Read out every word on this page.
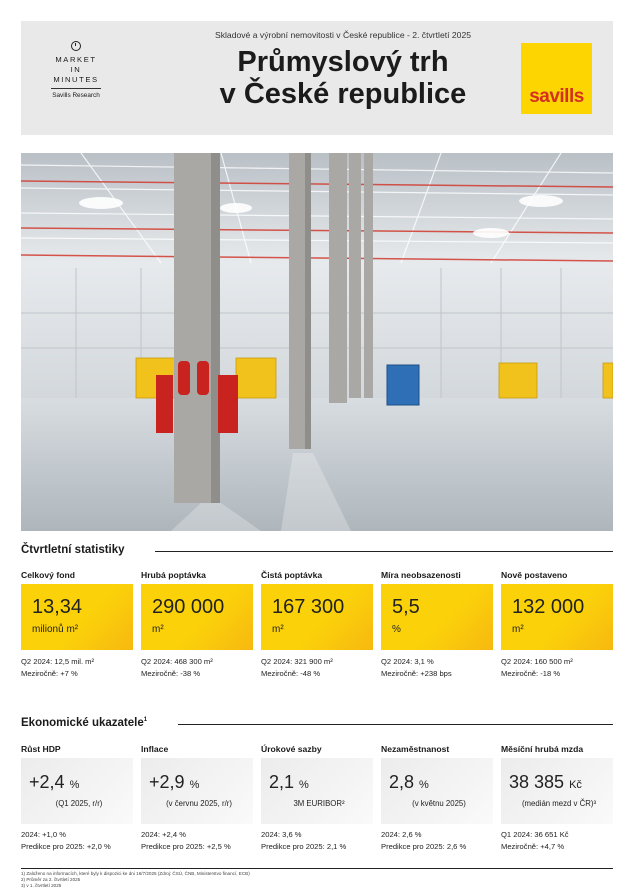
MARKET
IN
MINUTES
Savills Research
Skladové a výrobní nemovitosti v České republice - 2. čtvrtletí 2025
Průmyslový trh
v České republice	savills
Čtvrtletní statistiky
Celkový fond
13,34
milionů m²
Q2 2024: 12,5 mil. m²
Meziročně: +7 %
Hrubá poptávka
290 000
m²
Q2 2024: 468 300 m²
Meziročně: -38 %
Čistá poptávka
167 300
m²
Q2 2024: 321 900 m²
Meziročně: -48 %
Míra neobsazenosti
5,5
%
Q2 2024: 3,1 %
Meziročně: +238 bps
Nově postaveno
132 000
m²
Q2 2024: 160 500 m²
Meziročně: -18 %
Ekonomické ukazatele$^1$
Růst HDP
+2,4 %
(Q1 2025, r/r)
2024: +1,0 %
Predikce pro 2025: +2,0 %
Inflace
+2,9 %
(v červnu 2025, r/r)
2024: +2,4 %
Predikce pro 2025: +2,5 %
Úrokové sazby
2,1 %
3M EURIBOR²
2024: 3,6 %
Predikce pro 2025: 2,1 %
Nezaměstnanost
2,8 %
(v květnu 2025)
2024: 2,6 %
Predikce pro 2025: 2,6 %
Měsíční hrubá mzda
38 385 Kč
(medián mezd v ČR)³
Q1 2024: 36 651 Kč
Meziročně: +4,7 %
1) Založeno na informacích, které byly k dispozici ke dni 16/7/2025 (Zdroj: ČSÚ, ČNB, Ministerstvo financí, ECB)
2) Průměr za 2. čtvrtletí 2025
3) v 1. čtvrtletí 2025
